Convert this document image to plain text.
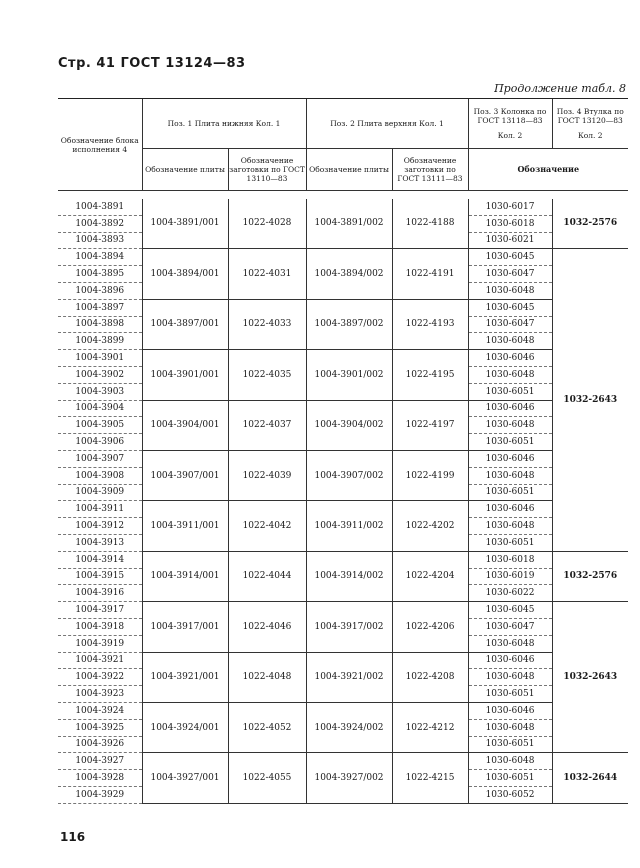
Стр. 41 ГОСТ 13124—83
Продолжение табл. 8
Обозначение блока исполнения 4	Поз. 1 Плита нижняя Кол. 1		Поз. 2 Плита верхняя Кол. 1		Поз. 3 Колонка по ГОСТ 13118—83
Кол. 2	Поз. 4 Втулка по ГОСТ 13120—83
Кол. 2

	Обозначение плиты	Обозначение заготовки по ГОСТ 13110—83	Обозначение плиты	Обозначение заготовки по ГОСТ 13111—83	Обозначение	

1004-3891	1004-3891/001	1022-4028	1004-3891/002	1022-4188	1030-6017	1032-2576
1004-3892					1030-6018	
1004-3893					1030-6021	
1004-3894	1004-3894/001	1022-4031	1004-3894/002	1022-4191	1030-6045	1032-2643
1004-3895					1030-6047	
1004-3896					1030-6048	
1004-3897	1004-3897/001	1022-4033	1004-3897/002	1022-4193	1030-6045	
1004-3898					1030-6047	
1004-3899					1030-6048	
1004-3901	1004-3901/001	1022-4035	1004-3901/002	1022-4195	1030-6046	
1004-3902					1030-6048	
1004-3903					1030-6051	
1004-3904	1004-3904/001	1022-4037	1004-3904/002	1022-4197	1030-6046	
1004-3905					1030-6048	
1004-3906					1030-6051	
1004-3907	1004-3907/001	1022-4039	1004-3907/002	1022-4199	1030-6046	
1004-3908					1030-6048	
1004-3909					1030-6051	
1004-3911	1004-3911/001	1022-4042	1004-3911/002	1022-4202	1030-6046	
1004-3912					1030-6048	
1004-3913					1030-6051	
1004-3914	1004-3914/001	1022-4044	1004-3914/002	1022-4204	1030-6018	1032-2576
1004-3915					1030-6019	
1004-3916					1030-6022	
1004-3917	1004-3917/001	1022-4046	1004-3917/002	1022-4206	1030-6045	1032-2643
1004-3918					1030-6047	
1004-3919					1030-6048	
1004-3921	1004-3921/001	1022-4048	1004-3921/002	1022-4208	1030-6046	
1004-3922					1030-6048	
1004-3923					1030-6051	
1004-3924	1004-3924/001	1022-4052	1004-3924/002	1022-4212	1030-6046	
1004-3925					1030-6048	
1004-3926					1030-6051	
1004-3927	1004-3927/001	1022-4055	1004-3927/002	1022-4215	1030-6048	1032-2644
1004-3928					1030-6051	
1004-3929					1030-6052	
116
